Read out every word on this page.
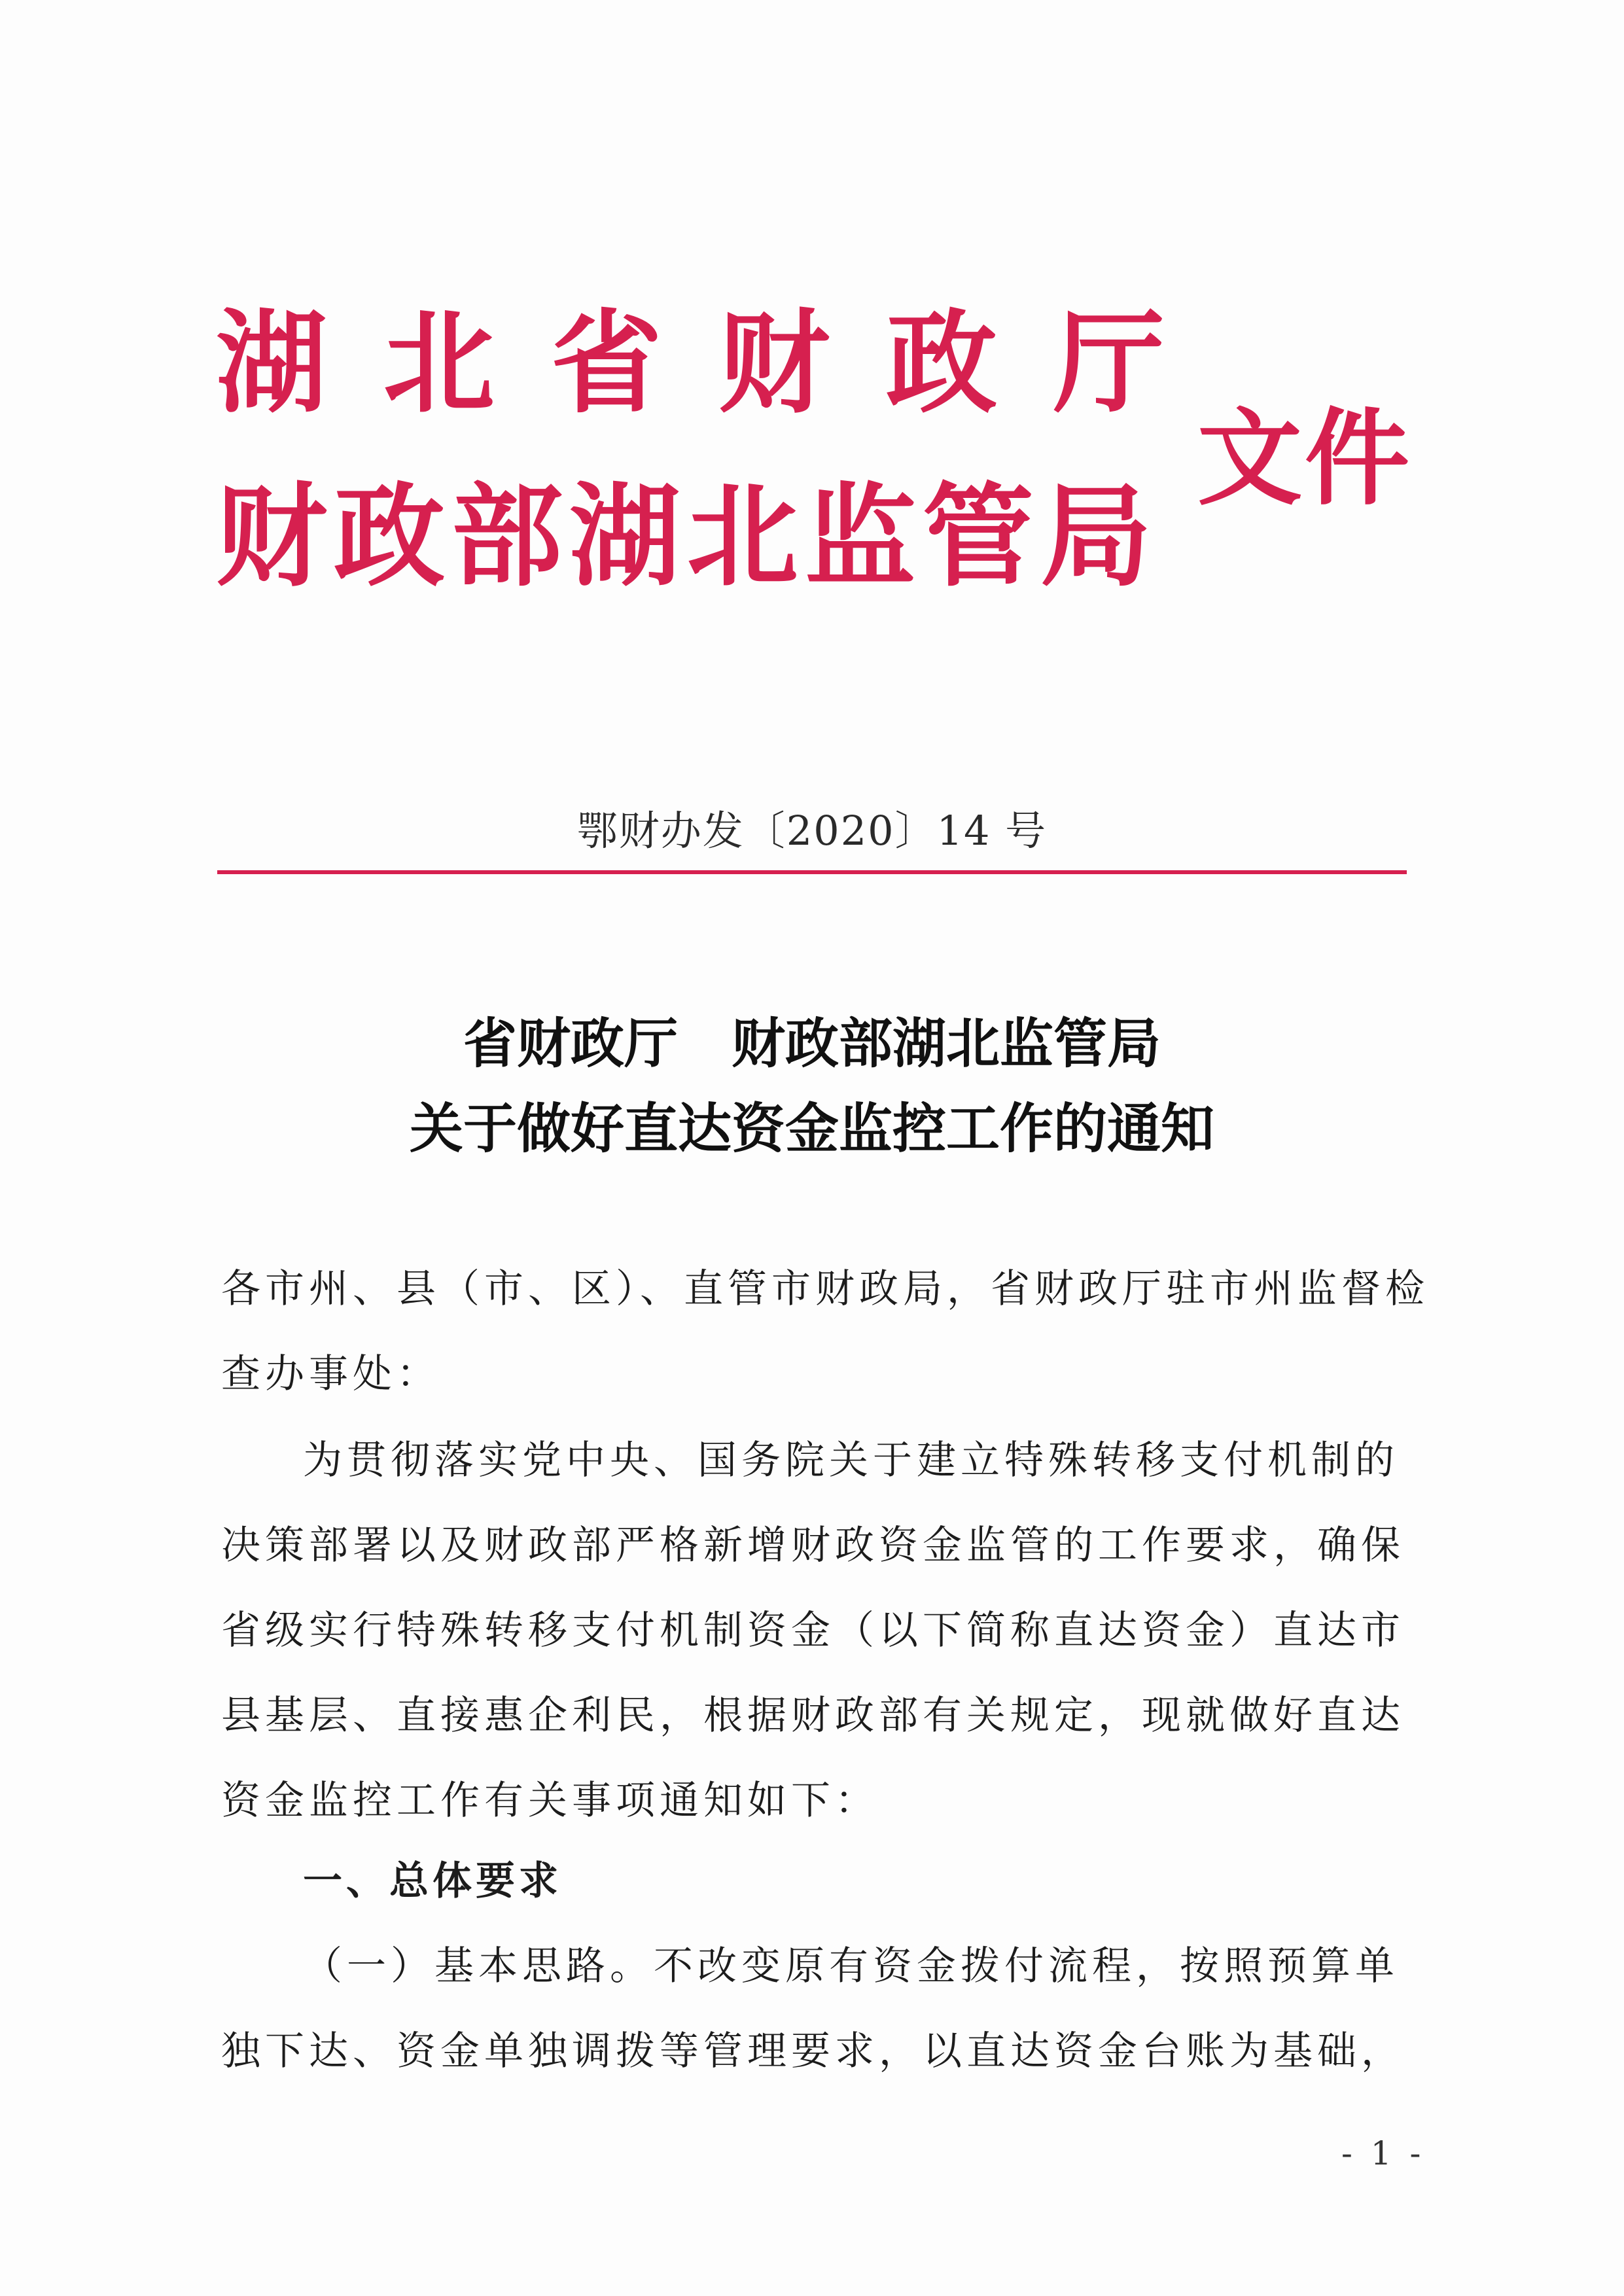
湖北省财政厅
财政部湖北监管局
文件
鄂财办发〔2020〕14 号
省财政厅　财政部湖北监管局
关于做好直达资金监控工作的通知
各市州、县（市、区）、直管市财政局，省财政厅驻市州监督检
查办事处：
为贯彻落实党中央、国务院关于建立特殊转移支付机制的
决策部署以及财政部严格新增财政资金监管的工作要求，确保
省级实行特殊转移支付机制资金（以下简称直达资金）直达市
县基层、直接惠企利民，根据财政部有关规定，现就做好直达
资金监控工作有关事项通知如下：
一、总体要求
（一）基本思路。不改变原有资金拨付流程，按照预算单
独下达、资金单独调拨等管理要求，以直达资金台账为基础，
- 1 -
